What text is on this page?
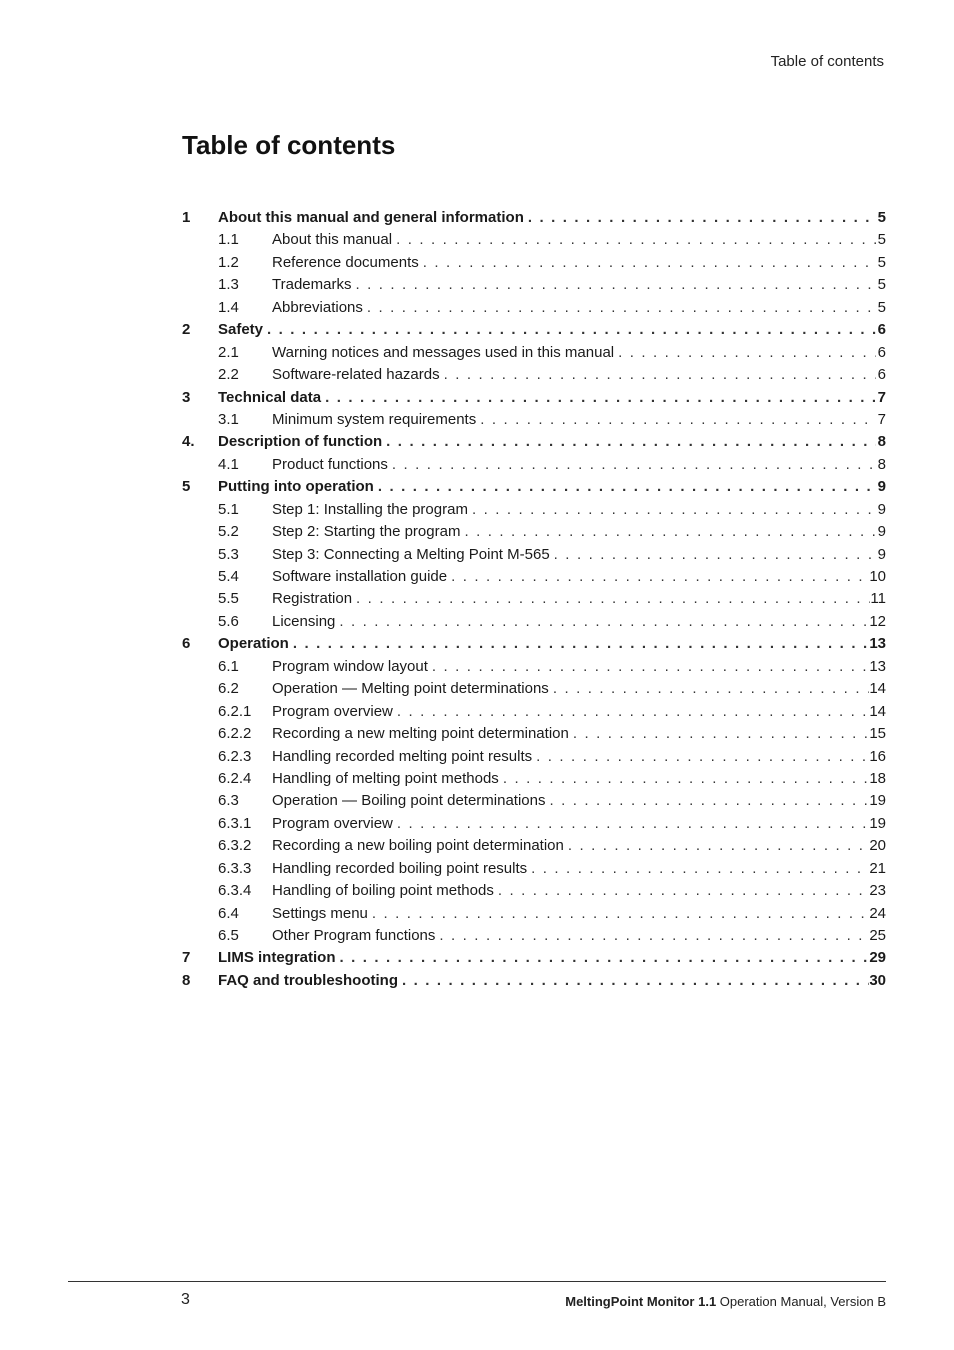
Table of contents
Table of contents
1	About this manual and general information . . .	5
1.1	About this manual . . .	5
1.2	Reference documents . . .	5
1.3	Trademarks . . .	5
1.4	Abbreviations . . .	5
2	Safety . . .	6
2.1	Warning notices and messages used in this manual . . .	6
2.2	Software-related hazards . . .	6
3	Technical data . . .	7
3.1	Minimum system requirements . . .	7
4.	Description of function . . .	8
4.1	Product functions . . .	8
5	Putting into operation . . .	9
5.1	Step 1: Installing the program . . .	9
5.2	Step 2: Starting the program . . .	9
5.3	Step 3: Connecting a Melting Point M-565 . . .	9
5.4	Software installation guide . . .	10
5.5	Registration . . .	11
5.6	Licensing . . .	12
6	Operation . . .	13
6.1	Program window layout . . .	13
6.2	Operation — Melting point determinations . . .	14
6.2.1	Program overview . . .	14
6.2.2	Recording a new melting point determination . . .	15
6.2.3	Handling recorded melting point results . . .	16
6.2.4	Handling of melting point methods . . .	18
6.3	Operation — Boiling point determinations . . .	19
6.3.1	Program overview . . .	19
6.3.2	Recording a new boiling point determination . . .	20
6.3.3	Handling recorded boiling point results . . .	21
6.3.4	Handling of boiling point methods . . .	23
6.4	Settings menu . . .	24
6.5	Other Program functions . . .	25
7	LIMS integration . . .	29
8	FAQ and troubleshooting . . .	30
3	MeltingPoint Monitor 1.1 Operation Manual, Version B
